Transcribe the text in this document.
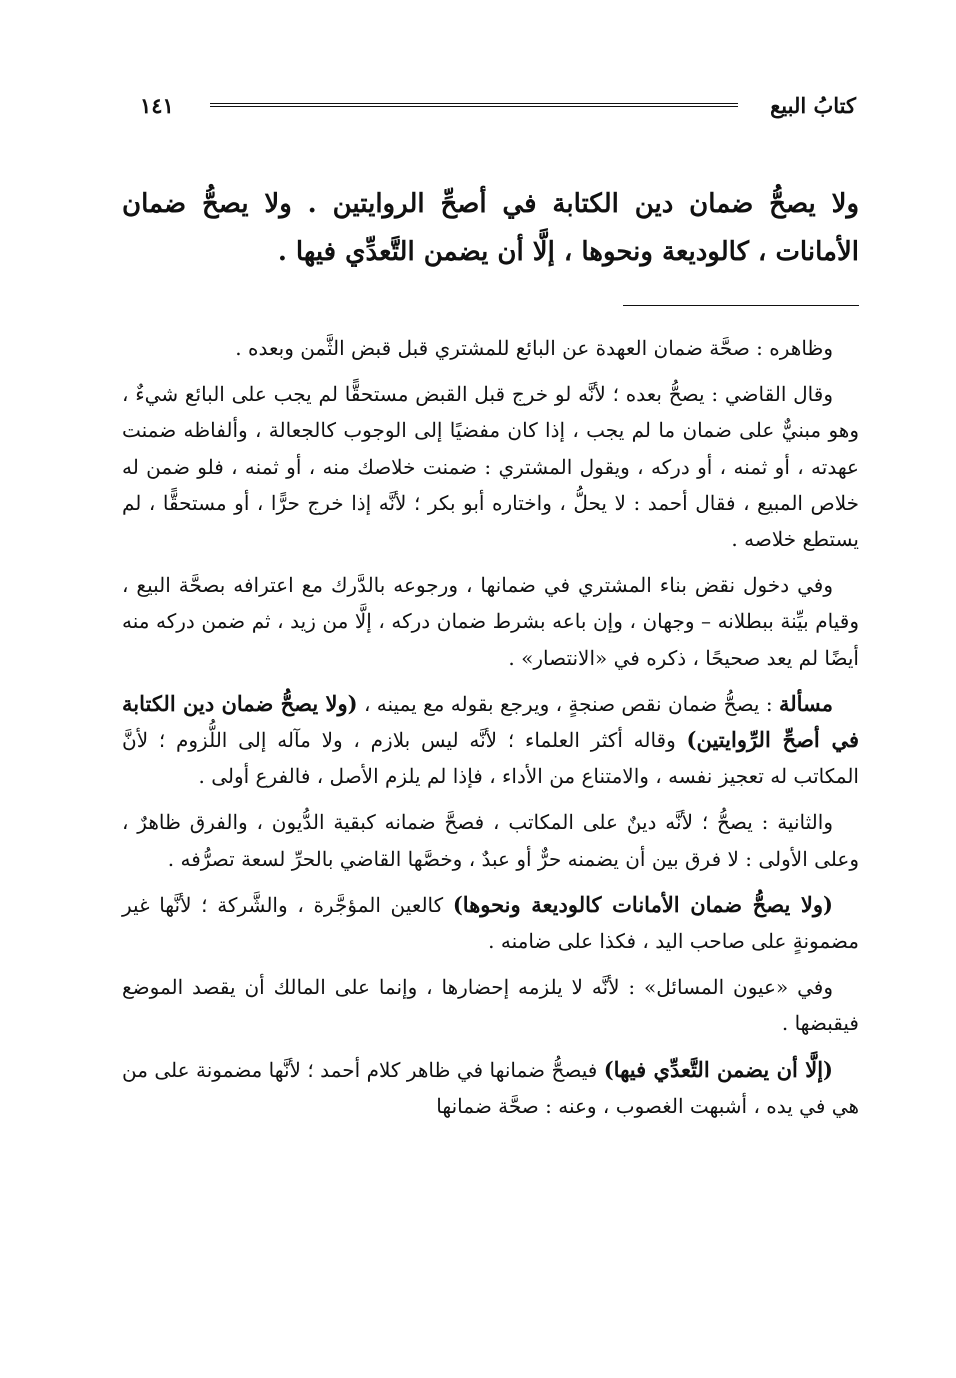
كتابُ البيع
١٤١
ولا يصحُّ ضمان دين الكتابة في أصحِّ الروايتين . ولا يصحُّ ضمان الأمانات ، كالوديعة ونحوها ، إلَّا أن يضمن التَّعدِّي فيها .

وظاهره : صحَّة ضمان العهدة عن البائع للمشتري قبل قبض الثَّمن وبعده .

وقال القاضي : يصحُّ بعده ؛ لأنَّه لو خرج قبل القبض مستحقًّا لم يجب على البائع شيءٌ ، وهو مبنيٌّ على ضمان ما لم يجب ، إذا كان مفضيًا إلى الوجوب كالجعالة ، وألفاظه ضمنت عهدته ، أو ثمنه ، أو دركه ، ويقول المشتري : ضمنت خلاصك منه ، أو ثمنه ، فلو ضمن له خلاص المبيع ، فقال أحمد : لا يحلُّ ، واختاره أبو بكر ؛ لأنَّه إذا خرج حرًّا ، أو مستحقًّا ، لم يستطع خلاصه .

وفي دخول نقض بناء المشتري في ضمانها ، ورجوعه بالدَّرك مع اعترافه بصحَّة البيع ، وقيام بيِّنة ببطلانه – وجهان ، وإن باعه بشرط ضمان دركه ، إلَّا من زيد ، ثم ضمن دركه منه أيضًا لم يعد صحيحًا ، ذكره في «الانتصار» .

مسألة : يصحُّ ضمان نقص صنجةٍ ، ويرجع بقوله مع يمينه ، (ولا يصحُّ ضمان دين الكتابة في أصحِّ الرِّوايتين) وقاله أكثر العلماء ؛ لأنَّه ليس بلازم ، ولا مآله إلى اللُّزوم ؛ لأنَّ المكاتب له تعجيز نفسه ، والامتناع من الأداء ، فإذا لم يلزم الأصل ، فالفرع أولى .

والثانية : يصحُّ ؛ لأنَّه دينٌ على المكاتب ، فصحَّ ضمانه كبقية الدُّيون ، والفرق ظاهرٌ ، وعلى الأولى : لا فرق بين أن يضمنه حرٌّ أو عبدٌ ، وخصَّها القاضي بالحرِّ لسعة تصرُّفه .

(ولا يصحُّ ضمان الأمانات كالوديعة ونحوها) كالعين المؤجَّرة ، والشَّركة ؛ لأنَّها غير مضمونةٍ على صاحب اليد ، فكذا على ضامنه .

وفي «عيون المسائل» : لأنَّه لا يلزمه إحضارها ، وإنما على المالك أن يقصد الموضع فيقبضها .

(إلَّا أن يضمن التَّعدِّي فيها) فيصحُّ ضمانها في ظاهر كلام أحمد ؛ لأنَّها مضمونة على من هي في يده ، أشبهت الغصوب ، وعنه : صحَّة ضمانها
